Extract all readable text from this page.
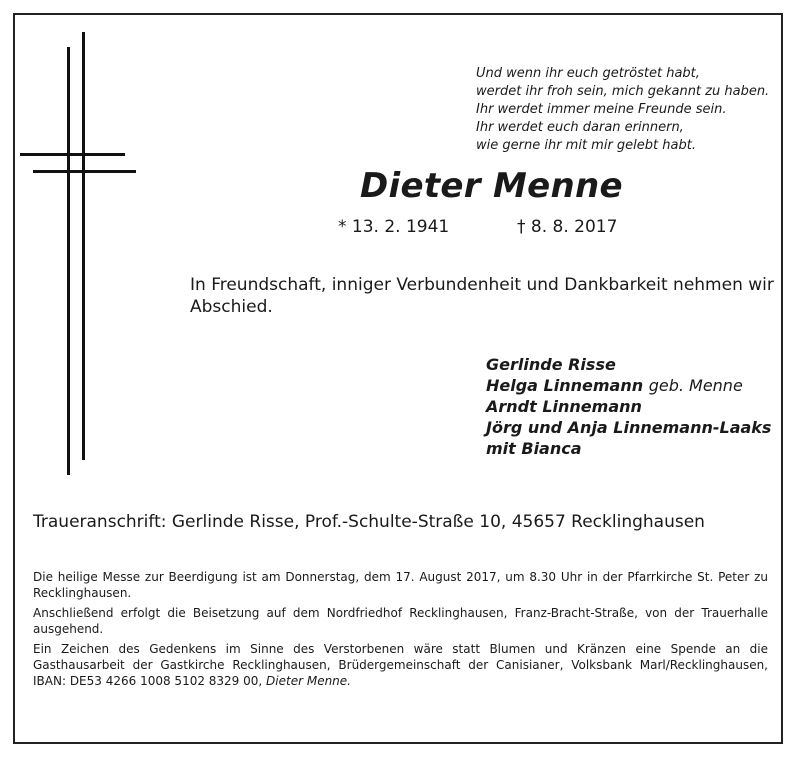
Und wenn ihr euch getröstet habt,

werdet ihr froh sein, mich gekannt zu haben.

Ihr werdet immer meine Freunde sein.

Ihr werdet euch daran erinnern,

wie gerne ihr mit mir gelebt habt.

Dieter Menne
* 13. 2. 1941	† 8. 8. 2017

In Freundschaft, inniger Verbundenheit und Dankbarkeit nehmen wir Abschied.

Gerlinde Risse
Helga Linnemann geb. Menne
Arndt Linnemann
Jörg und Anja Linnemann-Laaks
mit Bianca

Traueranschrift: Gerlinde Risse, Prof.-Schulte-Straße 10, 45657 Recklinghausen

Die heilige Messe zur Beerdigung ist am Donnerstag, dem 17. August 2017, um 8.30 Uhr in der Pfarrkirche St. Peter zu Recklinghausen.

Anschließend erfolgt die Beisetzung auf dem Nordfriedhof Recklinghausen, Franz-Bracht-Straße, von der Trauerhalle ausgehend.

Ein Zeichen des Gedenkens im Sinne des Verstorbenen wäre statt Blumen und Kränzen eine Spende an die Gasthausarbeit der Gastkirche Recklinghausen, Brüdergemeinschaft der Canisianer, Volksbank Marl/Recklinghausen, IBAN: DE53 4266 1008 5102 8329 00, Dieter Menne.
